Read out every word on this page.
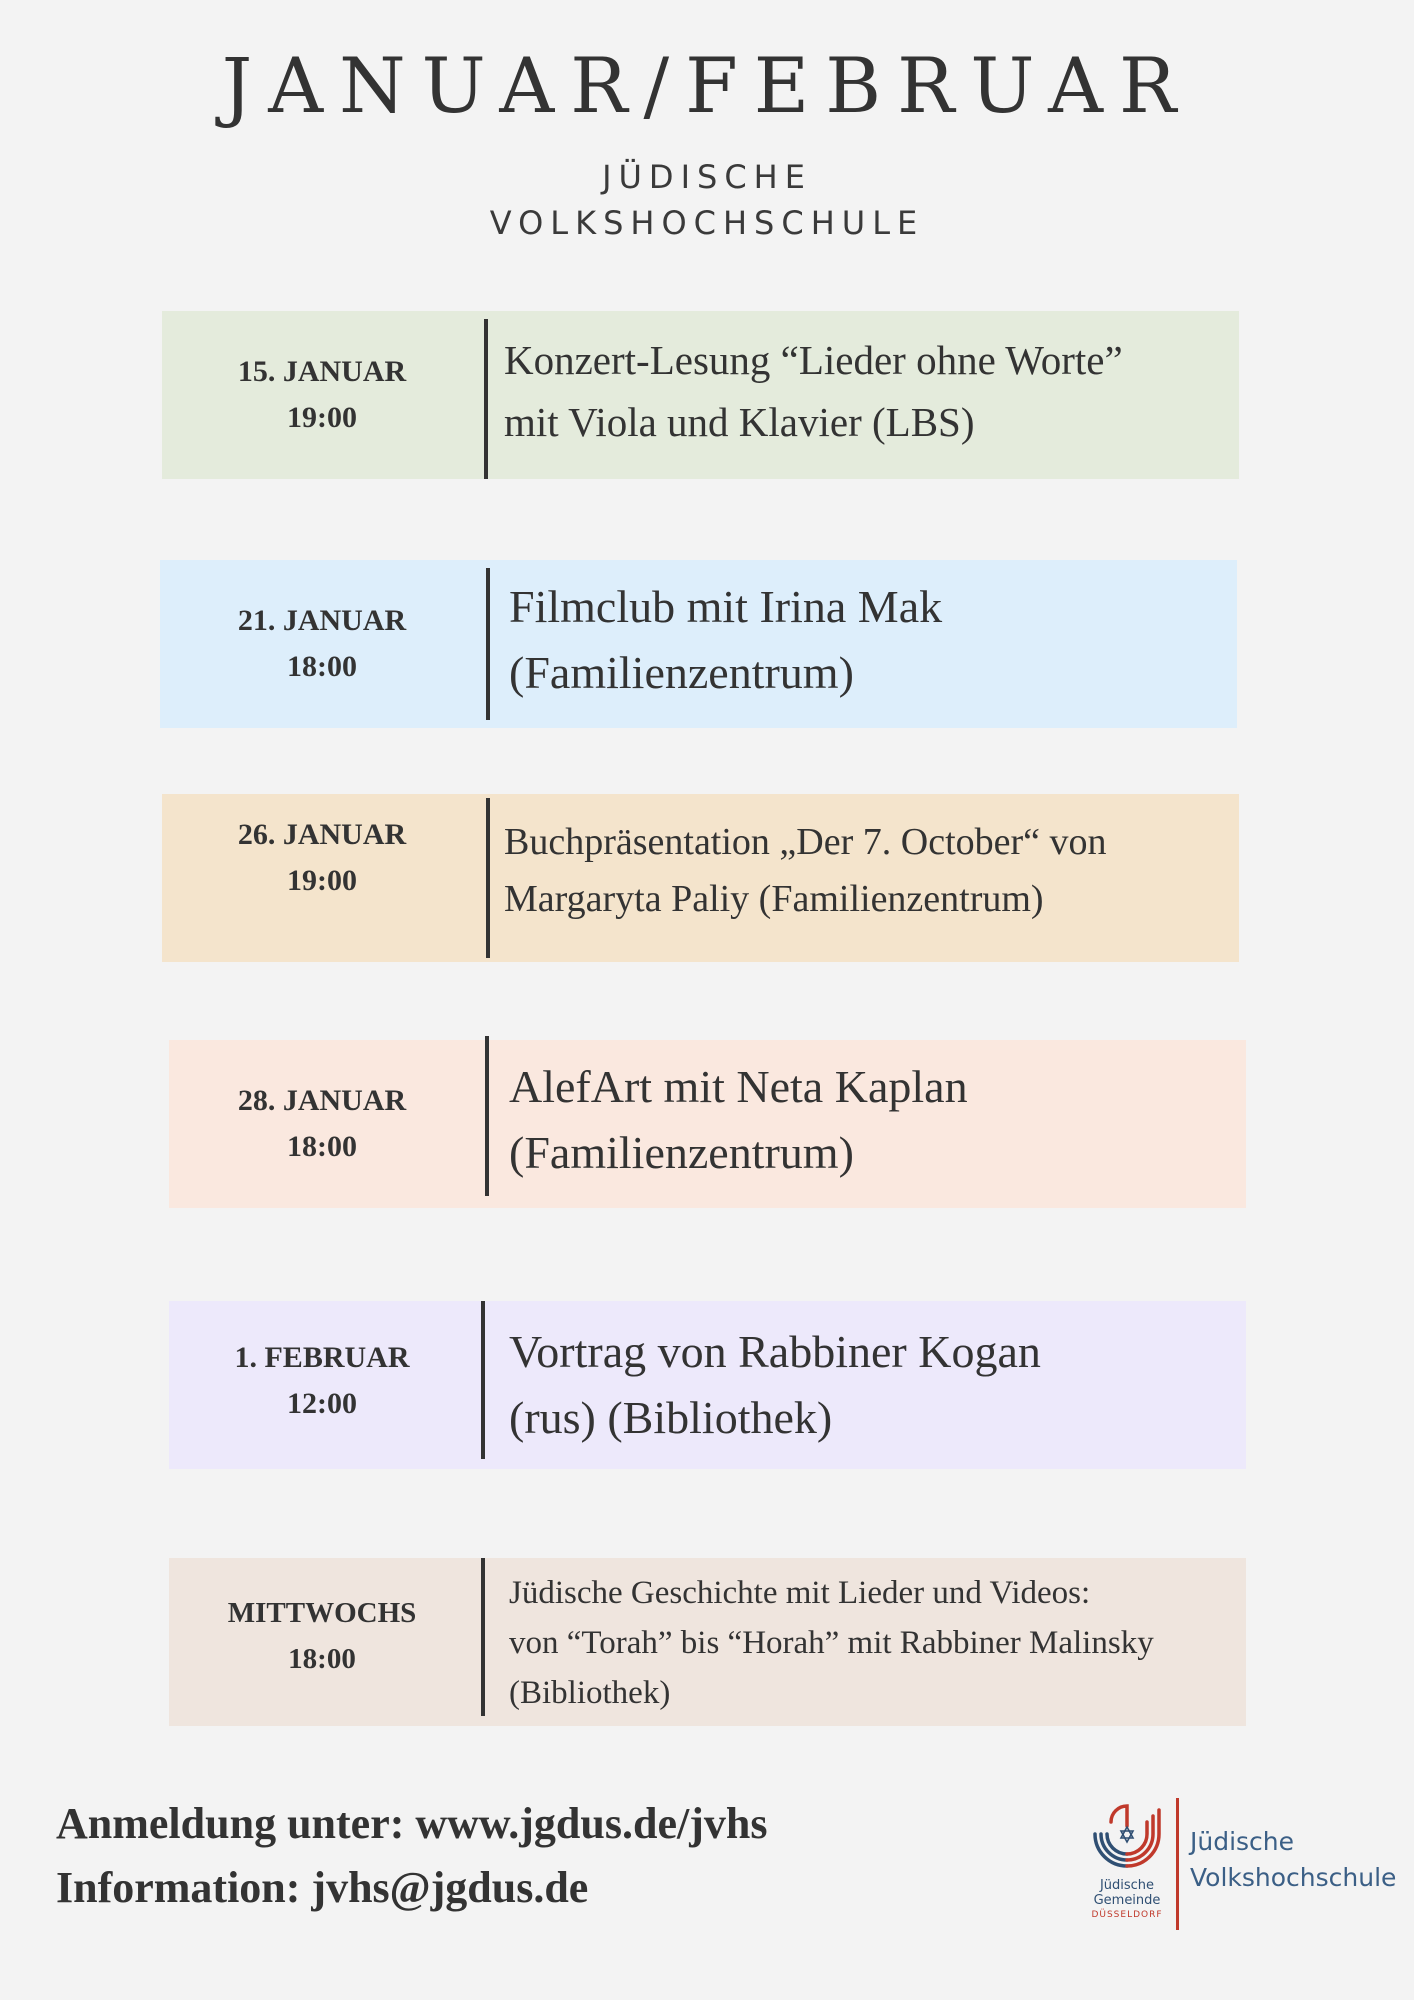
JANUAR/FEBRUAR
JÜDISCHE
VOLKSHOCHSCHULE
15. JANUAR
19:00
Konzert-Lesung “Lieder ohne Worte”
mit Viola und Klavier (LBS)
21. JANUAR
18:00
Filmclub mit Irina Mak
(Familienzentrum)
26. JANUAR
19:00
Buchpräsentation „Der 7. October“ von
Margaryta Paliy (Familienzentrum)
28. JANUAR
18:00
AlefArt mit Neta Kaplan
(Familienzentrum)
1. FEBRUAR
12:00
Vortrag von Rabbiner Kogan
(rus) (Bibliothek)
MITTWOCHS
18:00
Jüdische Geschichte mit Lieder und Videos:
von “Torah” bis “Horah” mit Rabbiner Malinsky
(Bibliothek)
Anmeldung unter: www.jgdus.de/jvhs
Information: jvhs@jgdus.de	Jüdische
Gemeinde
DÜSSELDORF
Jüdische
Volkshochschule
